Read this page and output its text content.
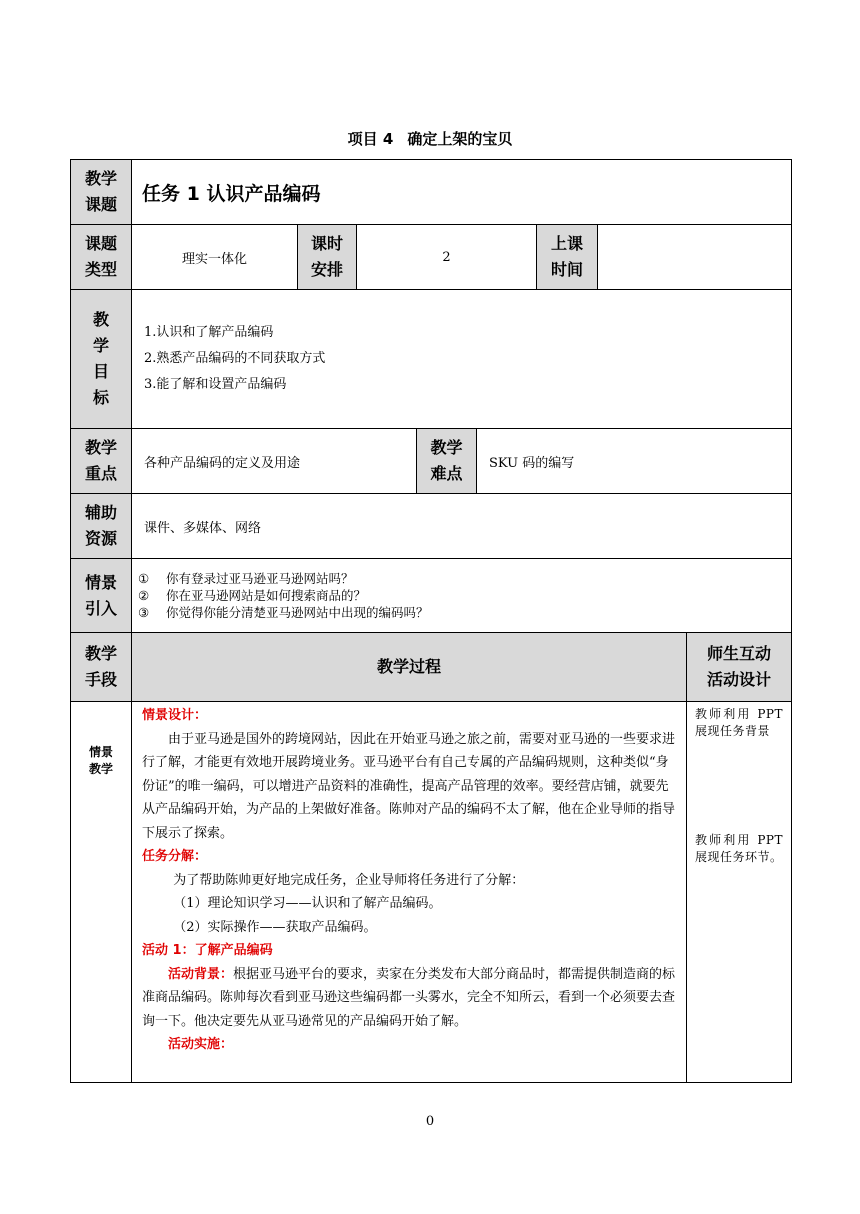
项目 4 确定上架的宝贝
教学
课题	任务 1 认识产品编码
课题
类型
理实一体化
课时
安排
2
上课
时间
教
学
目
标
1.认识和了解产品编码
2.熟悉产品编码的不同获取方式
3.能了解和设置产品编码
教学
重点
各种产品编码的定义及用途
教学
难点
SKU 码的编写
辅助
资源
课件、多媒体、网络
情景
引入
① 你有登录过亚马逊亚马逊网站吗？
② 你在亚马逊网站是如何搜索商品的？
③ 你觉得你能分清楚亚马逊网站中出现的编码吗？
教学
手段
教学过程
师生互动
活动设计
情景
教学

情景设计：

由于亚马逊是国外的跨境网站，因此在开始亚马逊之旅之前，需要对亚马逊的一些要求进行了解，才能更有效地开展跨境业务。亚马逊平台有自己专属的产品编码规则，这种类似“身份证”的唯一编码，可以增进产品资料的准确性，提高产品管理的效率。要经营店铺，就要先从产品编码开始，为产品的上架做好准备。陈帅对产品的编码不太了解，他在企业导师的指导下展示了探索。

任务分解：

为了帮助陈帅更好地完成任务，企业导师将任务进行了分解：

（1）理论知识学习——认识和了解产品编码。

（2）实际操作——获取产品编码。

活动 1：了解产品编码

活动背景：根据亚马逊平台的要求，卖家在分类发布大部分商品时，都需提供制造商的标准商品编码。陈帅每次看到亚马逊这些编码都一头雾水，完全不知所云，看到一个必须要去查询一下。他决定要先从亚马逊常见的产品编码开始了解。

活动实施：

教师利用 PPT 展现任务背景

教师利用 PPT 展现任务环节。

0
